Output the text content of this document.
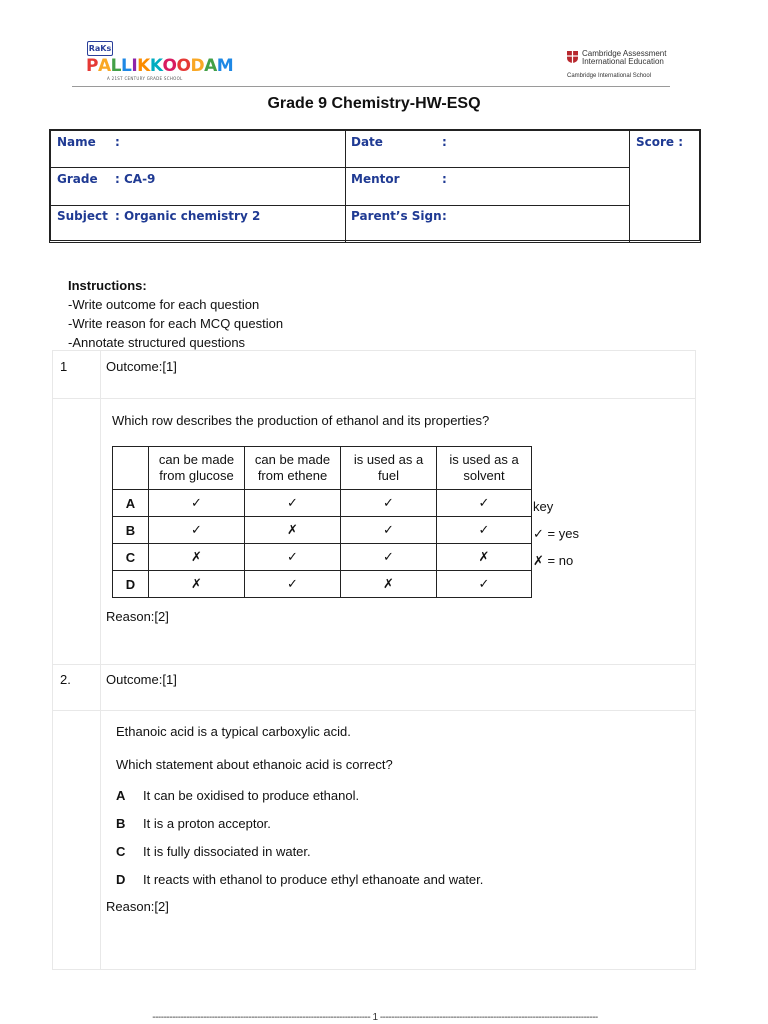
RaKs
PALLIKKOODAM
A 21ST CENTURY GRADE SCHOOL
Cambridge Assessment
International Education
Cambridge International School
Grade 9 Chemistry-HW-ESQ
Name :	Date	:	Score :
Grade : CA-9	Mentor	:
Subject : Organic chemistry 2	Parent’s Sign :
Instructions:
-Write outcome for each question
-Write reason for each MCQ question
-Annotate structured questions
1	Outcome:[1]
Which row describes the production of ethanol and its properties?
	can be made
from glucose	can be made
from ethene	is used as a
fuel	is used as a
solvent
A	✓	✓	✓	✓
B	✓	✗	✓	✓
C	✗	✓	✓	✗
D	✗	✓	✗	✓
key
✓ = yes
✗ = no
Reason:[2]
2.	Outcome:[1]
Ethanoic acid is a typical carboxylic acid.
Which statement about ethanoic acid is correct?
A It can be oxidised to produce ethanol.
B It is a proton acceptor.
C It is fully dissociated in water.
D It reacts with ethanol to produce ethyl ethanoate and water.
Reason:[2]
----------------------------------------------------------------------------- 1 -----------------------------------------------------------------------------
